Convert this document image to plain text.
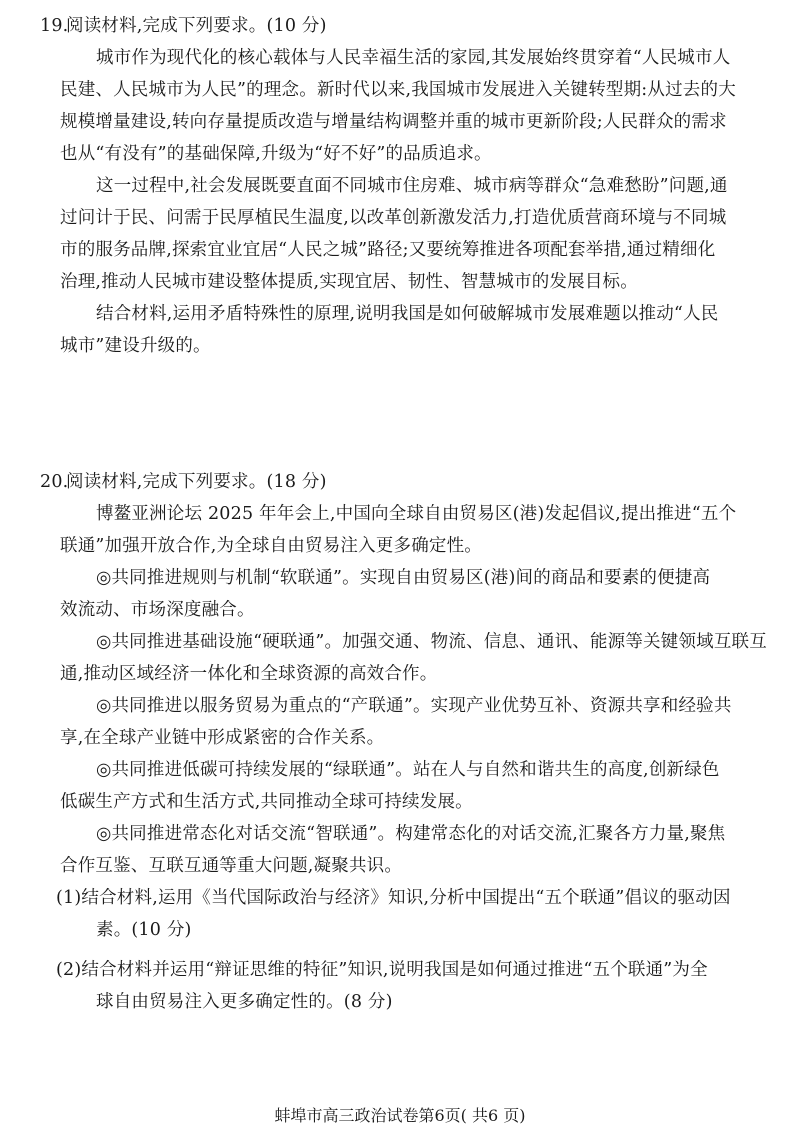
19.阅读材料,完成下列要求。(10 分)
城市作为现代化的核心载体与人民幸福生活的家园,其发展始终贯穿着“人民城市人
民建、人民城市为人民”的理念。新时代以来,我国城市发展进入关键转型期:从过去的大
规模增量建设,转向存量提质改造与增量结构调整并重的城市更新阶段;人民群众的需求
也从“有没有”的基础保障,升级为“好不好”的品质追求。
这一过程中,社会发展既要直面不同城市住房难、城市病等群众“急难愁盼”问题,通
过问计于民、问需于民厚植民生温度,以改革创新激发活力,打造优质营商环境与不同城
市的服务品牌,探索宜业宜居“人民之城”路径;又要统筹推进各项配套举措,通过精细化
治理,推动人民城市建设整体提质,实现宜居、韧性、智慧城市的发展目标。
结合材料,运用矛盾特殊性的原理,说明我国是如何破解城市发展难题以推动“人民
城市”建设升级的。
20.阅读材料,完成下列要求。(18 分)
博鳌亚洲论坛 2025 年年会上,中国向全球自由贸易区(港)发起倡议,提出推进“五个
联通”加强开放合作,为全球自由贸易注入更多确定性。
◎共同推进规则与机制“软联通”。实现自由贸易区(港)间的商品和要素的便捷高
效流动、市场深度融合。
◎共同推进基础设施“硬联通”。加强交通、物流、信息、通讯、能源等关键领域互联互
通,推动区域经济一体化和全球资源的高效合作。
◎共同推进以服务贸易为重点的“产联通”。实现产业优势互补、资源共享和经验共
享,在全球产业链中形成紧密的合作关系。
◎共同推进低碳可持续发展的“绿联通”。站在人与自然和谐共生的高度,创新绿色
低碳生产方式和生活方式,共同推动全球可持续发展。
◎共同推进常态化对话交流“智联通”。构建常态化的对话交流,汇聚各方力量,聚焦
合作互鉴、互联互通等重大问题,凝聚共识。
(1)结合材料,运用《当代国际政治与经济》知识,分析中国提出“五个联通”倡议的驱动因
素。(10 分)
(2)结合材料并运用“辩证思维的特征”知识,说明我国是如何通过推进“五个联通”为全
球自由贸易注入更多确定性的。(8 分)
蚌埠市高三政治试卷第6页( 共6 页)
